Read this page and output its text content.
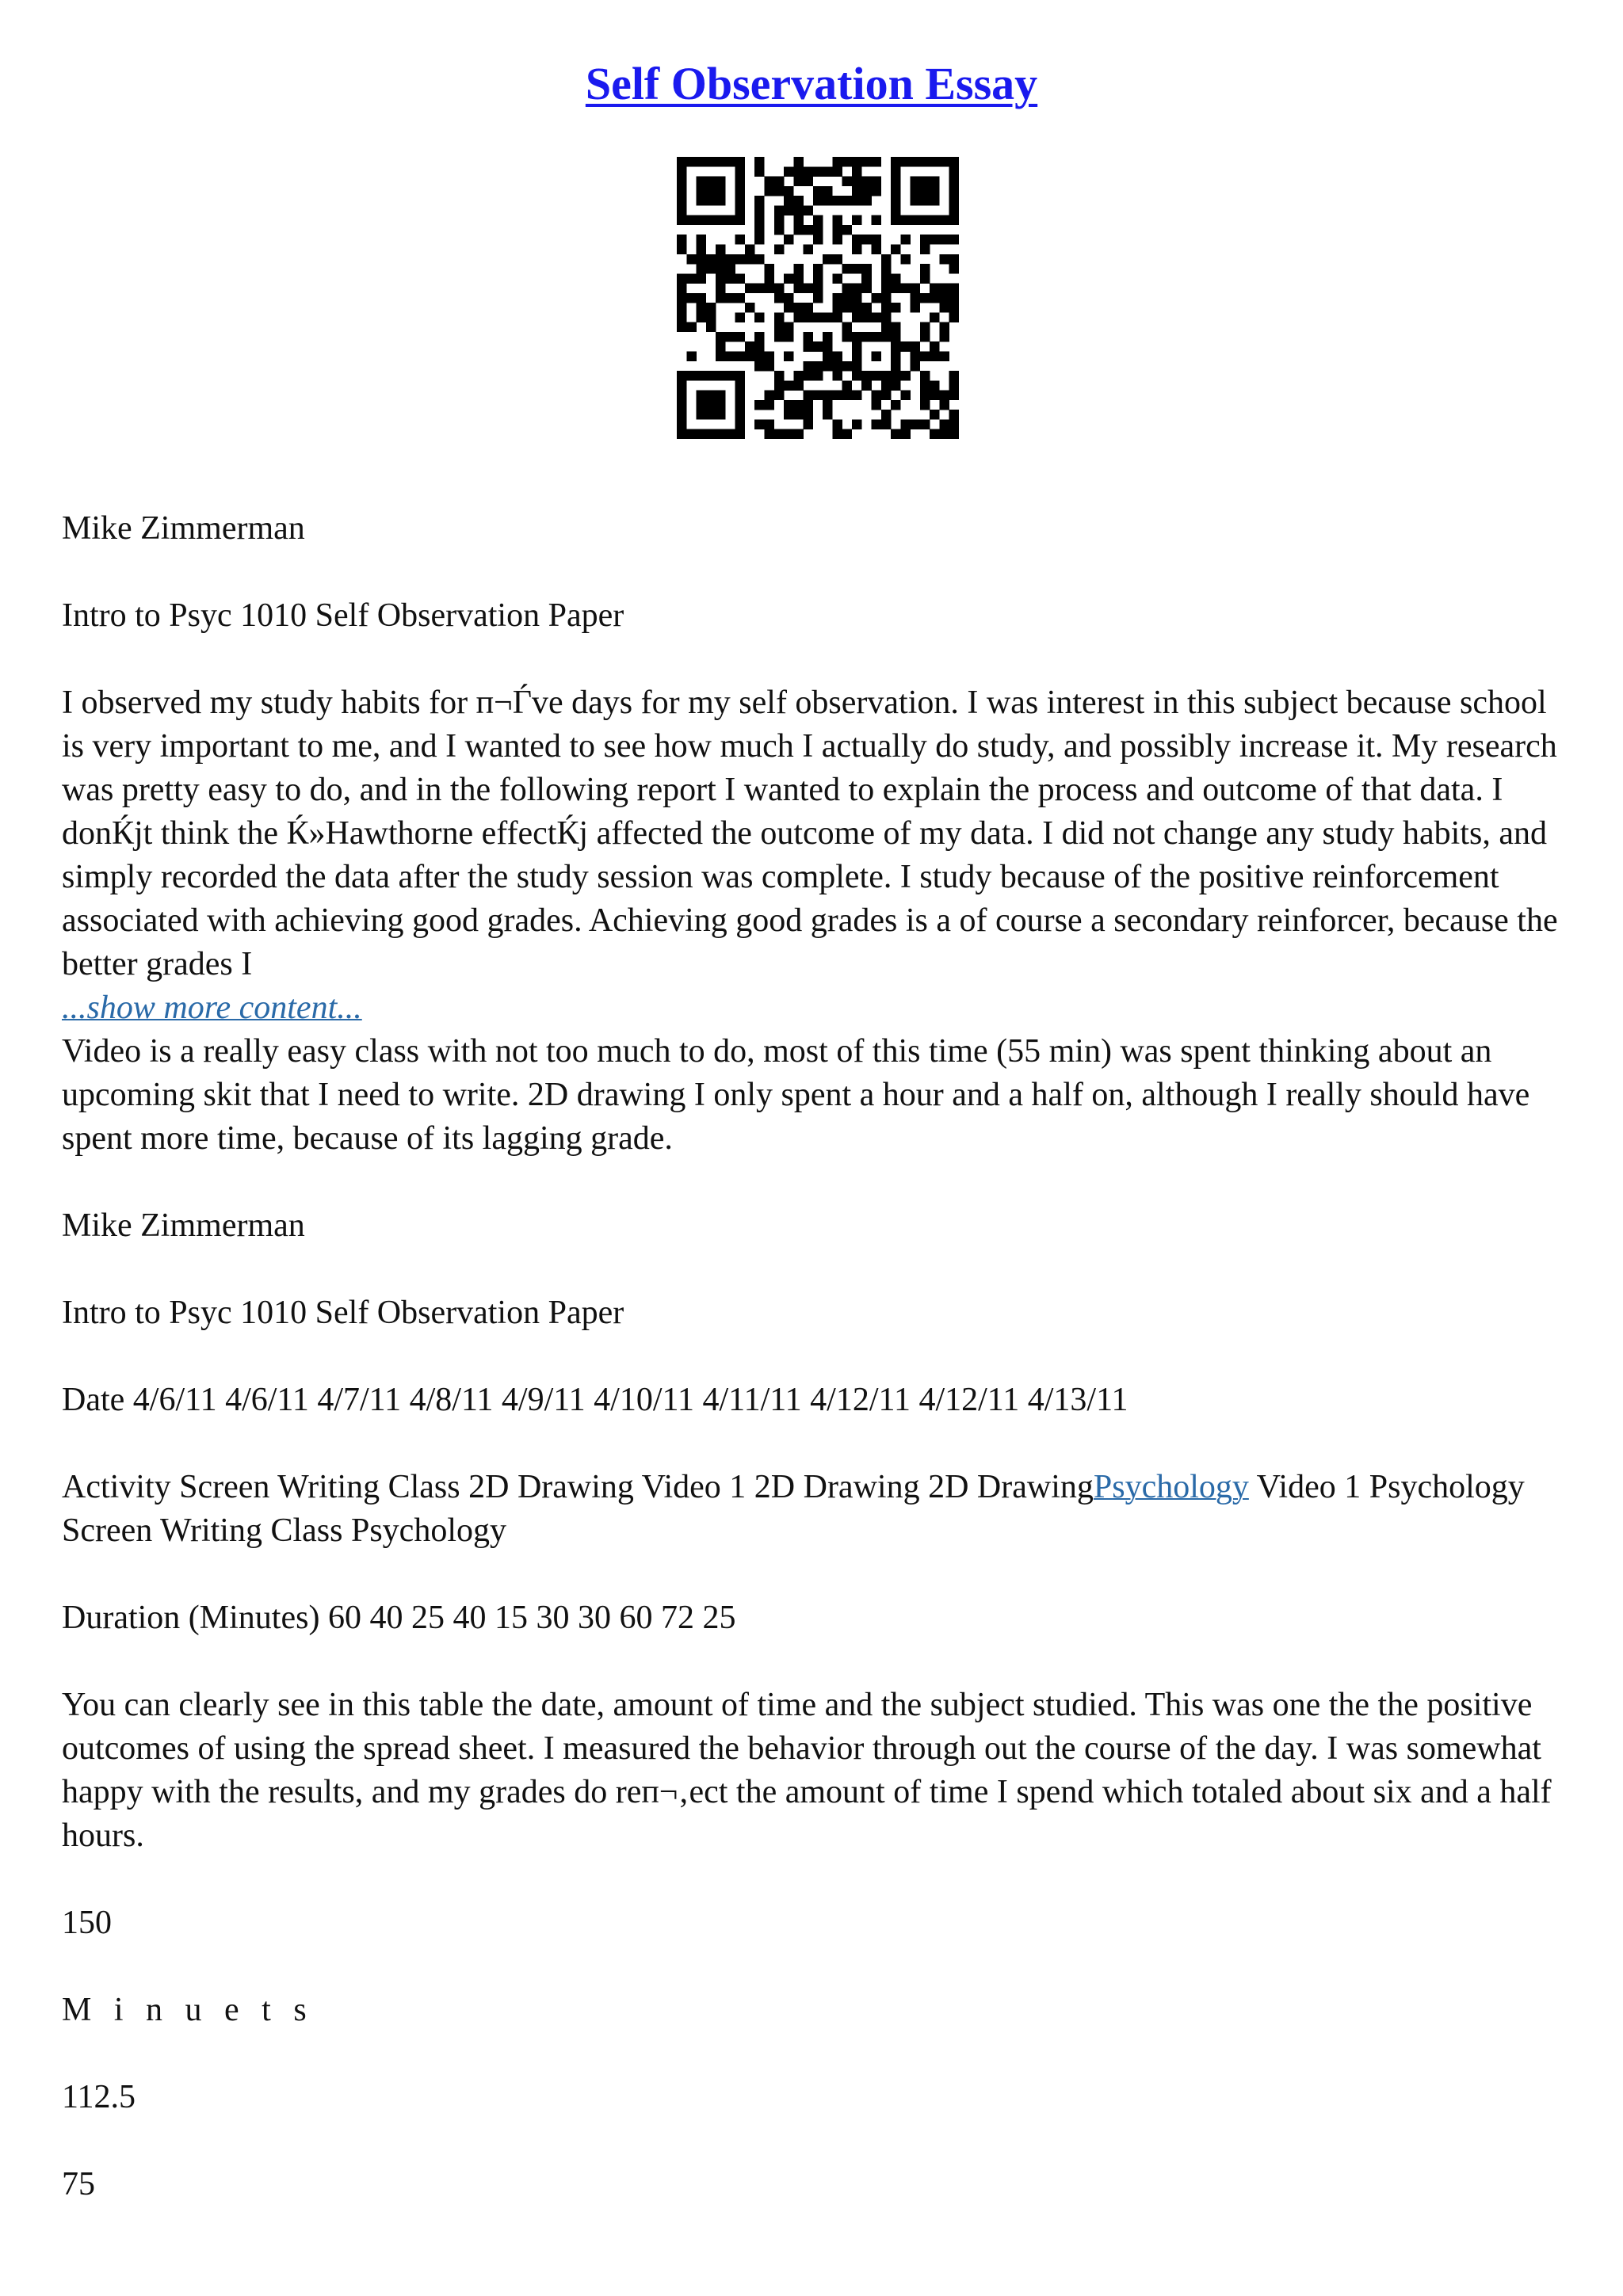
Self Observation Essay

Mike Zimmerman

Intro to Psyc 1010 Self Observation Paper

I observed my study habits for п¬Ѓve days for my self observation. I was interest in this subject because school is very important to me, and I wanted to see how much I actually do study, and possibly increase it. My research was pretty easy to do, and in the following report I wanted to explain the process and outcome of that data. I donЌјt think the Ќ»Hawthorne effectЌј affected the outcome of my data. I did not change any study habits, and simply recorded the data after the study session was complete. I study because of the positive reinforcement associated with achieving good grades. Achieving good grades is a of course a secondary reinforcer, because the better grades I

...show more content...

Video is a really easy class with not too much to do, most of this time (55 min) was spent thinking about an upcoming skit that I need to write. 2D drawing I only spent a hour and a half on, although I really should have spent more time, because of its lagging grade.

Mike Zimmerman

Intro to Psyc 1010 Self Observation Paper

Date 4/6/11 4/6/11 4/7/11 4/8/11 4/9/11 4/10/11 4/11/11 4/12/11 4/12/11 4/13/11

Activity Screen Writing Class 2D Drawing Video 1 2D Drawing 2D DrawingPsychology Video 1 Psychology Screen Writing Class Psychology

Duration (Minutes) 60 40 25 40 15 30 30 60 72 25

You can clearly see in this table the date, amount of time and the subject studied. This was one the the positive outcomes of using the spread sheet. I measured the behavior through out the course of the day. I was somewhat happy with the results, and my grades do reп¬‚ect the amount of time I spend which totaled about six and a half hours.

150

M i n u e t s

112.5

75
